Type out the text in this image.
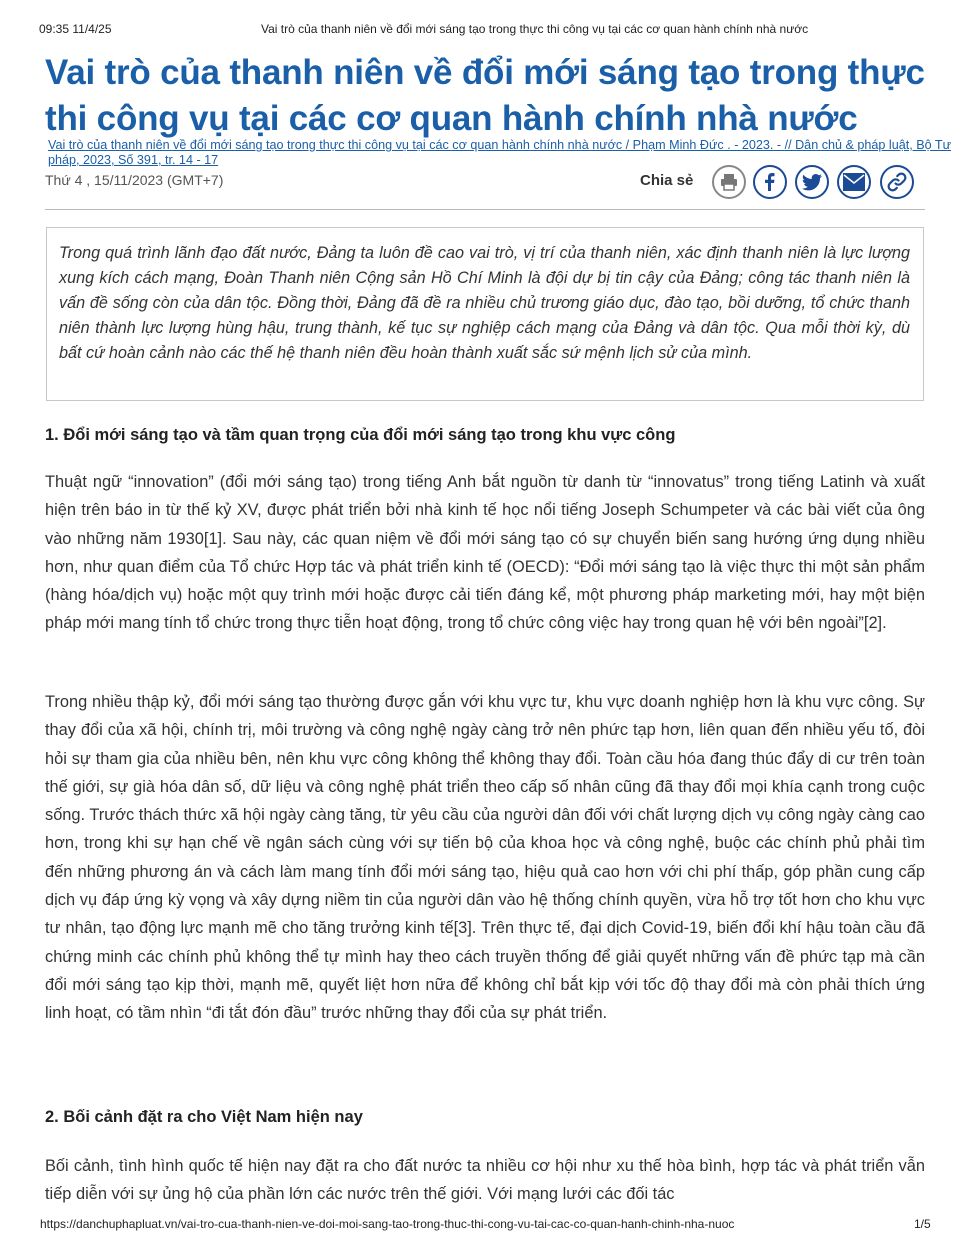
09:35 11/4/25	Vai trò của thanh niên về đổi mới sáng tạo trong thực thi công vụ tại các cơ quan hành chính nhà nước
Vai trò của thanh niên về đổi mới sáng tạo trong thực thi công vụ tại các cơ quan hành chính nhà nước
Vai trò của thanh niên về đổi mới sáng tạo trong thực thi công vụ tại các cơ quan hành chính nhà nước / Phạm Minh Đức . - 2023. - // Dân chủ & pháp luật, Bộ Tư pháp, 2023, Số 391, tr. 14 - 17
Thứ 4 , 15/11/2023 (GMT+7)	Chia sẻ
Trong quá trình lãnh đạo đất nước, Đảng ta luôn đề cao vai trò, vị trí của thanh niên, xác định thanh niên là lực lượng xung kích cách mạng, Đoàn Thanh niên Cộng sản Hồ Chí Minh là đội dự bị tin cậy của Đảng; công tác thanh niên là vấn đề sống còn của dân tộc. Đồng thời, Đảng đã đề ra nhiều chủ trương giáo dục, đào tạo, bồi dưỡng, tổ chức thanh niên thành lực lượng hùng hậu, trung thành, kế tục sự nghiệp cách mạng của Đảng và dân tộc. Qua mỗi thời kỳ, dù bất cứ hoàn cảnh nào các thế hệ thanh niên đều hoàn thành xuất sắc sứ mệnh lịch sử của mình.
1. Đổi mới sáng tạo và tầm quan trọng của đổi mới sáng tạo trong khu vực công

Thuật ngữ “innovation” (đổi mới sáng tạo) trong tiếng Anh bắt nguồn từ danh từ “innovatus” trong tiếng Latinh và xuất hiện trên báo in từ thế kỷ XV, được phát triển bởi nhà kinh tế học nổi tiếng Joseph Schumpeter và các bài viết của ông vào những năm 1930[1]. Sau này, các quan niệm về đổi mới sáng tạo có sự chuyển biến sang hướng ứng dụng nhiều hơn, như quan điểm của Tổ chức Hợp tác và phát triển kinh tế (OECD): “Đổi mới sáng tạo là việc thực thi một sản phẩm (hàng hóa/dịch vụ) hoặc một quy trình mới hoặc được cải tiến đáng kể, một phương pháp marketing mới, hay một biện pháp mới mang tính tổ chức trong thực tiễn hoạt động, trong tổ chức công việc hay trong quan hệ với bên ngoài”[2].

Trong nhiều thập kỷ, đổi mới sáng tạo thường được gắn với khu vực tư, khu vực doanh nghiệp hơn là khu vực công. Sự thay đổi của xã hội, chính trị, môi trường và công nghệ ngày càng trở nên phức tạp hơn, liên quan đến nhiều yếu tố, đòi hỏi sự tham gia của nhiều bên, nên khu vực công không thể không thay đổi. Toàn cầu hóa đang thúc đẩy di cư trên toàn thế giới, sự già hóa dân số, dữ liệu và công nghệ phát triển theo cấp số nhân cũng đã thay đổi mọi khía cạnh trong cuộc sống. Trước thách thức xã hội ngày càng tăng, từ yêu cầu của người dân đối với chất lượng dịch vụ công ngày càng cao hơn, trong khi sự hạn chế về ngân sách cùng với sự tiến bộ của khoa học và công nghệ, buộc các chính phủ phải tìm đến những phương án và cách làm mang tính đổi mới sáng tạo, hiệu quả cao hơn với chi phí thấp, góp phần cung cấp dịch vụ đáp ứng kỳ vọng và xây dựng niềm tin của người dân vào hệ thống chính quyền, vừa hỗ trợ tốt hơn cho khu vực tư nhân, tạo động lực mạnh mẽ cho tăng trưởng kinh tế[3]. Trên thực tế, đại dịch Covid-19, biến đổi khí hậu toàn cầu đã chứng minh các chính phủ không thể tự mình hay theo cách truyền thống để giải quyết những vấn đề phức tạp mà cần đổi mới sáng tạo kịp thời, mạnh mẽ, quyết liệt hơn nữa để không chỉ bắt kịp với tốc độ thay đổi mà còn phải thích ứng linh hoạt, có tầm nhìn “đi tắt đón đầu” trước những thay đổi của sự phát triển.

2. Bối cảnh đặt ra cho Việt Nam hiện nay

Bối cảnh, tình hình quốc tế hiện nay đặt ra cho đất nước ta nhiều cơ hội như xu thế hòa bình, hợp tác và phát triển vẫn tiếp diễn với sự ủng hộ của phần lớn các nước trên thế giới. Với mạng lưới các đối tác

https://danchuphapluat.vn/vai-tro-cua-thanh-nien-ve-doi-moi-sang-tao-trong-thuc-thi-cong-vu-tai-cac-co-quan-hanh-chinh-nha-nuoc	1/5
